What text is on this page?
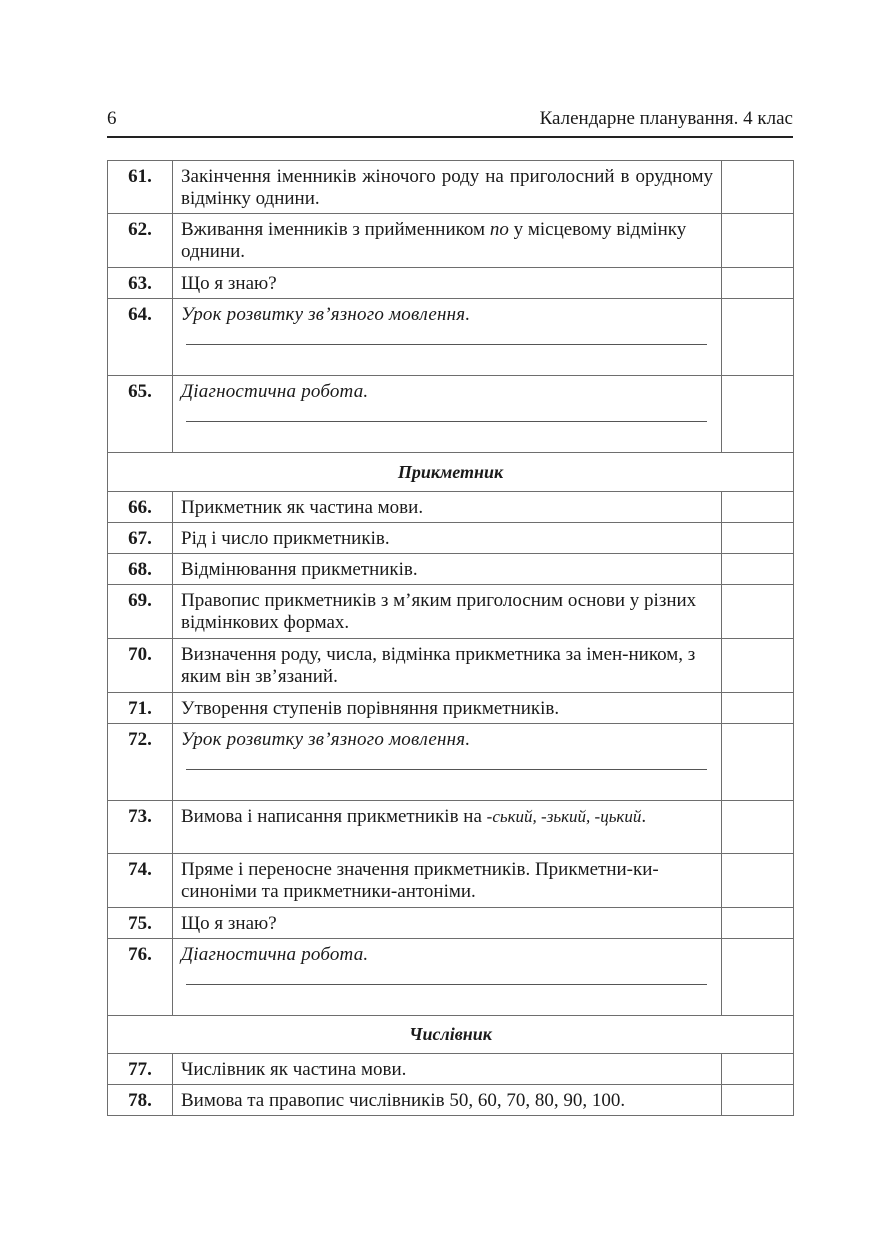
6	Календарне планування. 4 клас
61.	Закінчення іменників жіночого роду на приголосний в орудному відмінку однини.	
62.	Вживання іменників з прийменником по у місцевому відмінку однини.	
63.	Що я знаю?	
64.	Урок розвитку зв’язного мовлення.	

65.	Діагностична робота.	

Прикметник		
66.	Прикметник як частина мови.	
67.	Рід і число прикметників.	
68.	Відмінювання прикметників.	
69.	Правопис прикметників з м’яким приголосним основи у різних відмінкових формах.	
70.	Визначення роду, числа, відмінка прикметника за імен-ником, з яким він зв’язаний.	
71.	Утворення ступенів порівняння прикметників.	
72.	Урок розвитку зв’язного мовлення.	

73.	Вимова і написання прикметників на -ський, -зький, -цький.	
74.	Пряме і переносне значення прикметників. Прикметни-ки-синоніми та прикметники-антоніми.	
75.	Що я знаю?	
76.	Діагностична робота.	

Числівник		
77.	Числівник як частина мови.	
78.	Вимова та правопис числівників 50, 60, 70, 80, 90, 100.	
